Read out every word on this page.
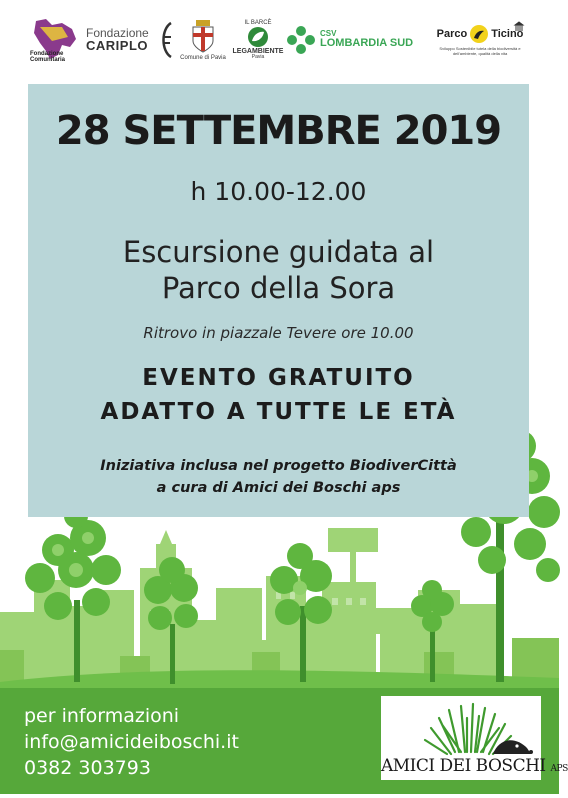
Fondazione Comunitaria
Fondazione
CARIPLO
Comune di Pavia
IL BARCÈ
LEGAMBIENTE
Pavia
CSV
LOMBARDIA SUD
Parco Ticino
Sviluppo Sostenibile tutela della biodiversità e dell'ambiente, qualità della vita
28 SETTEMBRE 2019
h 10.00-12.00
Escursione guidata al
Parco della Sora
Ritrovo in piazzale Tevere ore 10.00
EVENTO GRATUITO
ADATTO A TUTTE LE ETÀ
Iniziativa inclusa nel progetto BiodiverCittà
a cura di Amici dei Boschi aps
per informazioni
info@amicideiboschi.it
0382 303793	AMICI DEI BOSCHI APS
